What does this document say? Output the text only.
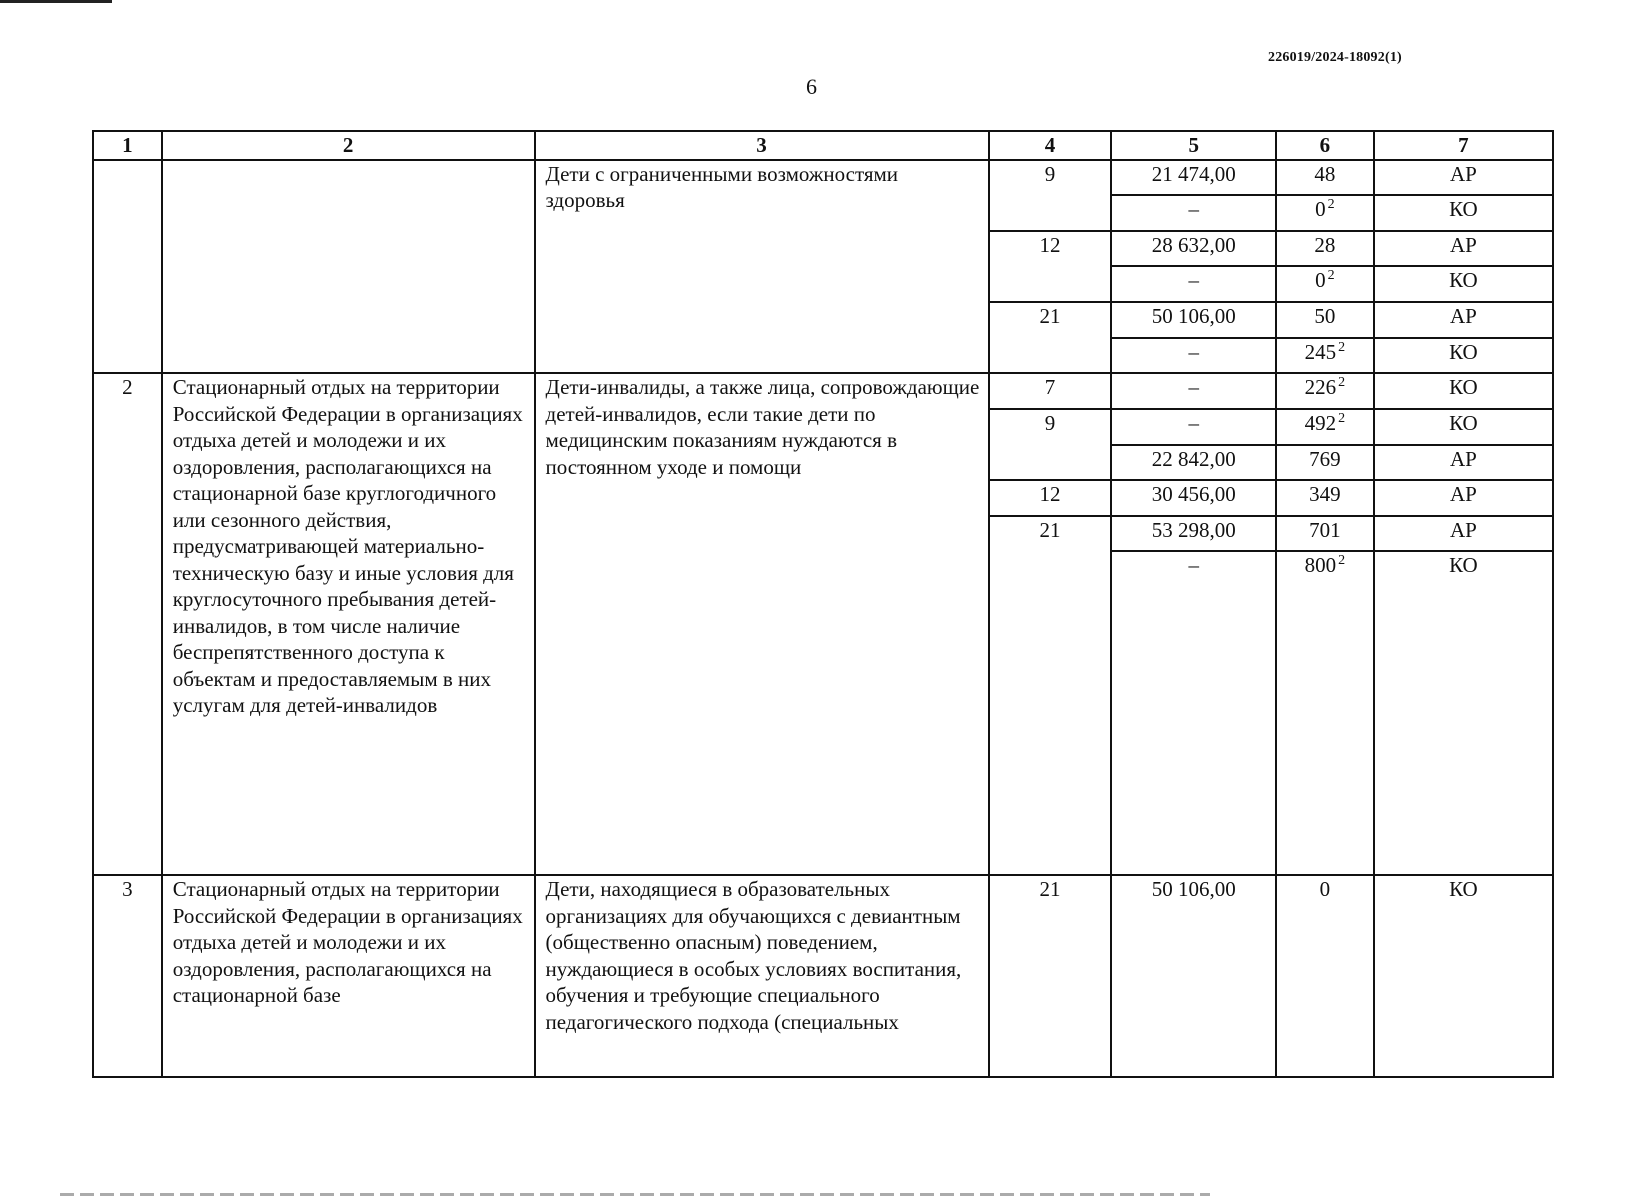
226019/2024-18092(1)
6
1	2	3	4	5	6	7
		Дети с ограниченными возможностями здоровья	9	21 474,00	48	АР
				–	0 $^2$	КО
			12	28 632,00	28	АР
				–	0 $^2$	КО
			21	50 106,00	50	АР
				–	245 $^2$	КО
2	Стационарный отдых на территории Российской Федерации в организациях отдыха детей и молодежи и их оздоровления, располагающихся на стационарной базе круглогодичного или сезонного действия, предусматривающей материально-техническую базу и иные условия для круглосуточного пребывания детей-инвалидов, в том числе наличие беспрепятственного доступа к объектам и предоставляемым в них услугам для детей-инвалидов	Дети-инвалиды, а также лица, сопровождающие детей-инвалидов, если такие дети по медицинским показаниям нуждаются в постоянном уходе и помощи	7	–	226 $^2$	КО
			9	–	492 $^2$	КО
				22 842,00	769	АР
			12	30 456,00	349	АР
			21	53 298,00	701	АР
				–	800 $^2$	КО
3	Стационарный отдых на территории Российской Федерации в организациях отдыха детей и молодежи и их оздоровления, располагающихся на стационарной базе	Дети, находящиеся в образовательных организациях для обучающихся с девиантным (общественно опасным) поведением, нуждающиеся в особых условиях воспитания, обучения и требующие специального педагогического подхода (специальных	21	50 106,00	0	КО
